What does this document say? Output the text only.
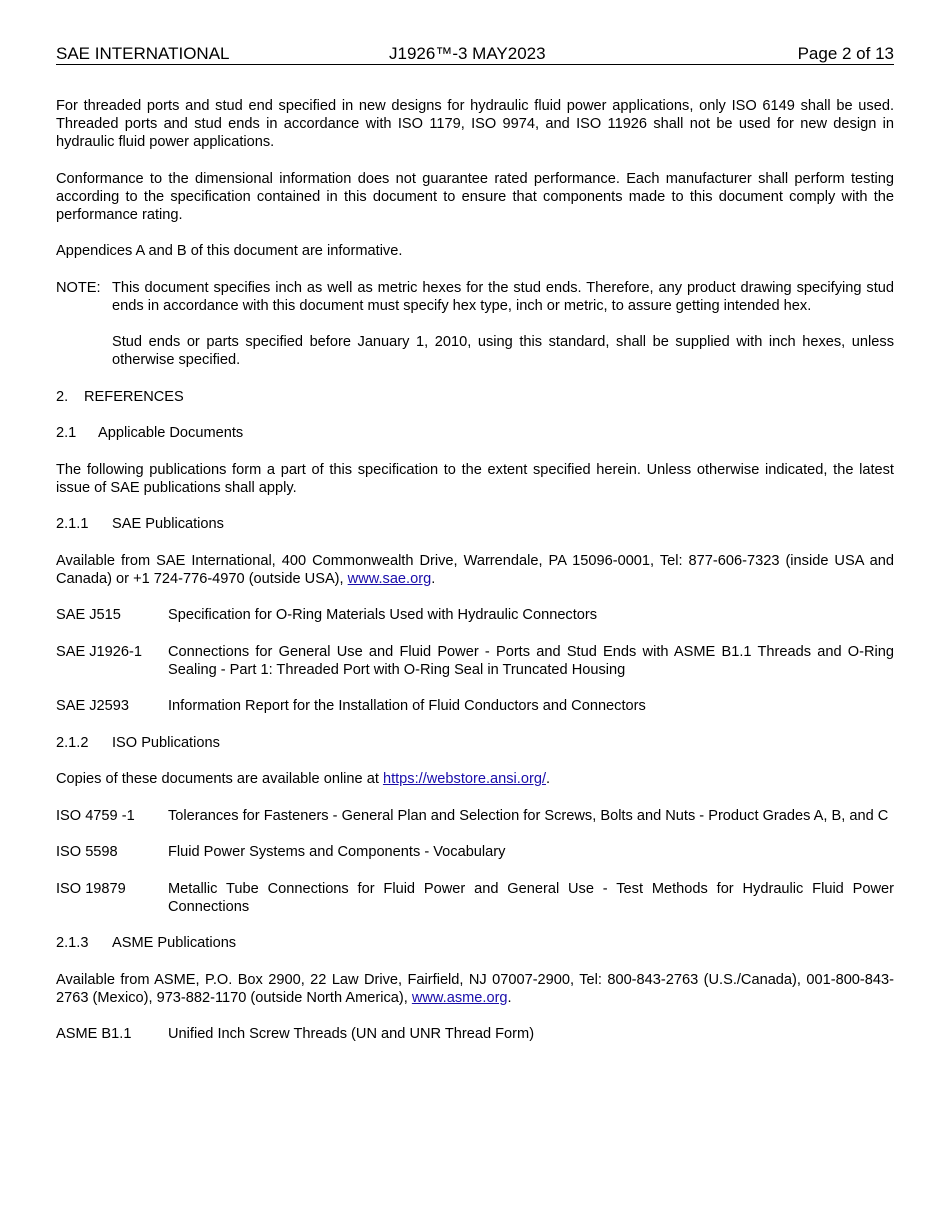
SAE INTERNATIONAL	J1926™-3 MAY2023	Page 2 of 13

For threaded ports and stud end specified in new designs for hydraulic fluid power applications, only ISO 6149 shall be used. Threaded ports and stud ends in accordance with ISO 1179, ISO 9974, and ISO 11926 shall not be used for new design in hydraulic fluid power applications.

Conformance to the dimensional information does not guarantee rated performance. Each manufacturer shall perform testing according to the specification contained in this document to ensure that components made to this document comply with the performance rating.

Appendices A and B of this document are informative.

NOTE: This document specifies inch as well as metric hexes for the stud ends. Therefore, any product drawing specifying stud ends in accordance with this document must specify hex type, inch or metric, to assure getting intended hex.
Stud ends or parts specified before January 1, 2010, using this standard, shall be supplied with inch hexes, unless otherwise specified.
2. REFERENCES
2.1 Applicable Documents

The following publications form a part of this specification to the extent specified herein. Unless otherwise indicated, the latest issue of SAE publications shall apply.

2.1.1 SAE Publications

Available from SAE International, 400 Commonwealth Drive, Warrendale, PA 15096-0001, Tel: 877-606-7323 (inside USA and Canada) or +1 724-776-4970 (outside USA), www.sae.org.

SAE J515	Specification for O-Ring Materials Used with Hydraulic Connectors
SAE J1926-1	Connections for General Use and Fluid Power - Ports and Stud Ends with ASME B1.1 Threads and O-Ring Sealing - Part 1: Threaded Port with O-Ring Seal in Truncated Housing
SAE J2593	Information Report for the Installation of Fluid Conductors and Connectors
2.1.2 ISO Publications

Copies of these documents are available online at https://webstore.ansi.org/.

ISO 4759 -1	Tolerances for Fasteners - General Plan and Selection for Screws, Bolts and Nuts - Product Grades A, B, and C
ISO 5598	Fluid Power Systems and Components - Vocabulary
ISO 19879	Metallic Tube Connections for Fluid Power and General Use - Test Methods for Hydraulic Fluid Power Connections
2.1.3 ASME Publications

Available from ASME, P.O. Box 2900, 22 Law Drive, Fairfield, NJ 07007-2900, Tel: 800-843-2763 (U.S./Canada), 001-800-843-2763 (Mexico), 973-882-1170 (outside North America), www.asme.org.

ASME B1.1	Unified Inch Screw Threads (UN and UNR Thread Form)
